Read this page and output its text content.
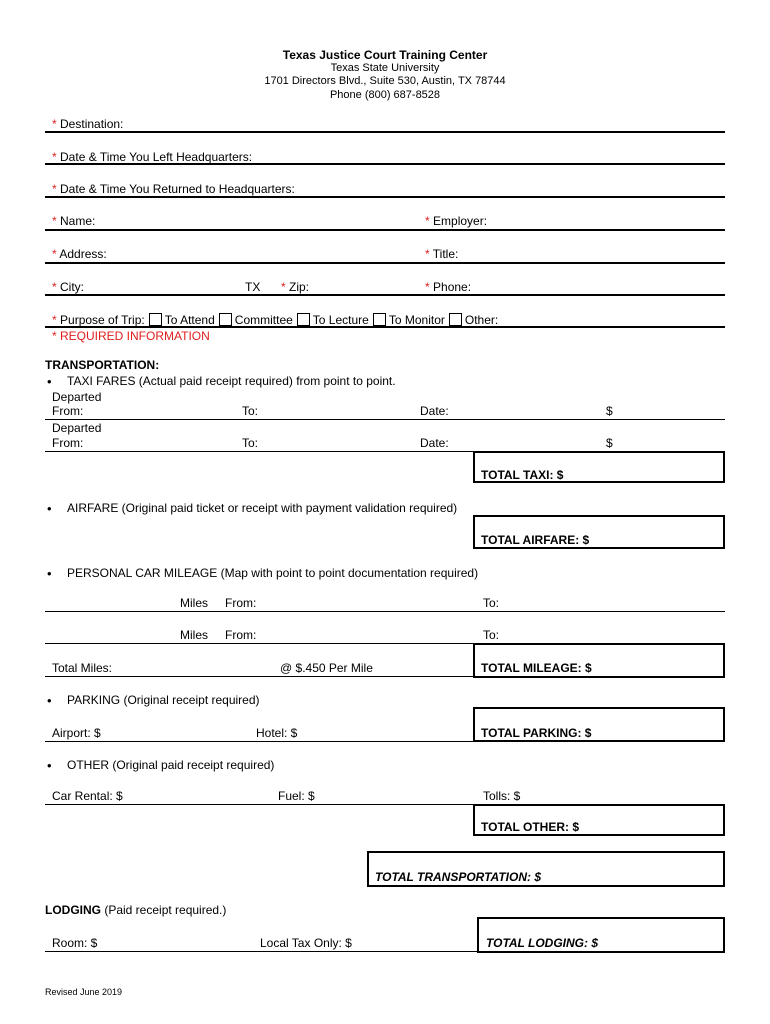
Texas Justice Court Training Center
Texas State University
1701 Directors Blvd., Suite 530, Austin, TX 78744
Phone (800) 687-8528
* Destination:
* Date & Time You Left Headquarters:
* Date & Time You Returned to Headquarters:
* Name:	* Employer:
* Address:	* Title:
* City:	TX * Zip:	* Phone:
* Purpose of Trip: To Attend Committee To Lecture To Monitor Other:
* REQUIRED INFORMATION
TRANSPORTATION:
• TAXI FARES (Actual paid receipt required) from point to point.
Departed
From:	To:	Date:	$
Departed
From:	To:	Date:	$
TOTAL TAXI: $
• AIRFARE (Original paid ticket or receipt with payment validation required)
TOTAL AIRFARE: $
• PERSONAL CAR MILEAGE (Map with point to point documentation required)
Miles From:	To:
Miles From:	To:
Total Miles:	@ $.450 Per Mile	TOTAL MILEAGE: $
• PARKING (Original receipt required)
Airport: $	Hotel: $	TOTAL PARKING: $
• OTHER (Original paid receipt required)
Car Rental: $	Fuel: $	Tolls: $
TOTAL OTHER: $
TOTAL TRANSPORTATION: $
LODGING (Paid receipt required.)
Room: $	Local Tax Only: $	TOTAL LODGING: $
Revised June 2019
